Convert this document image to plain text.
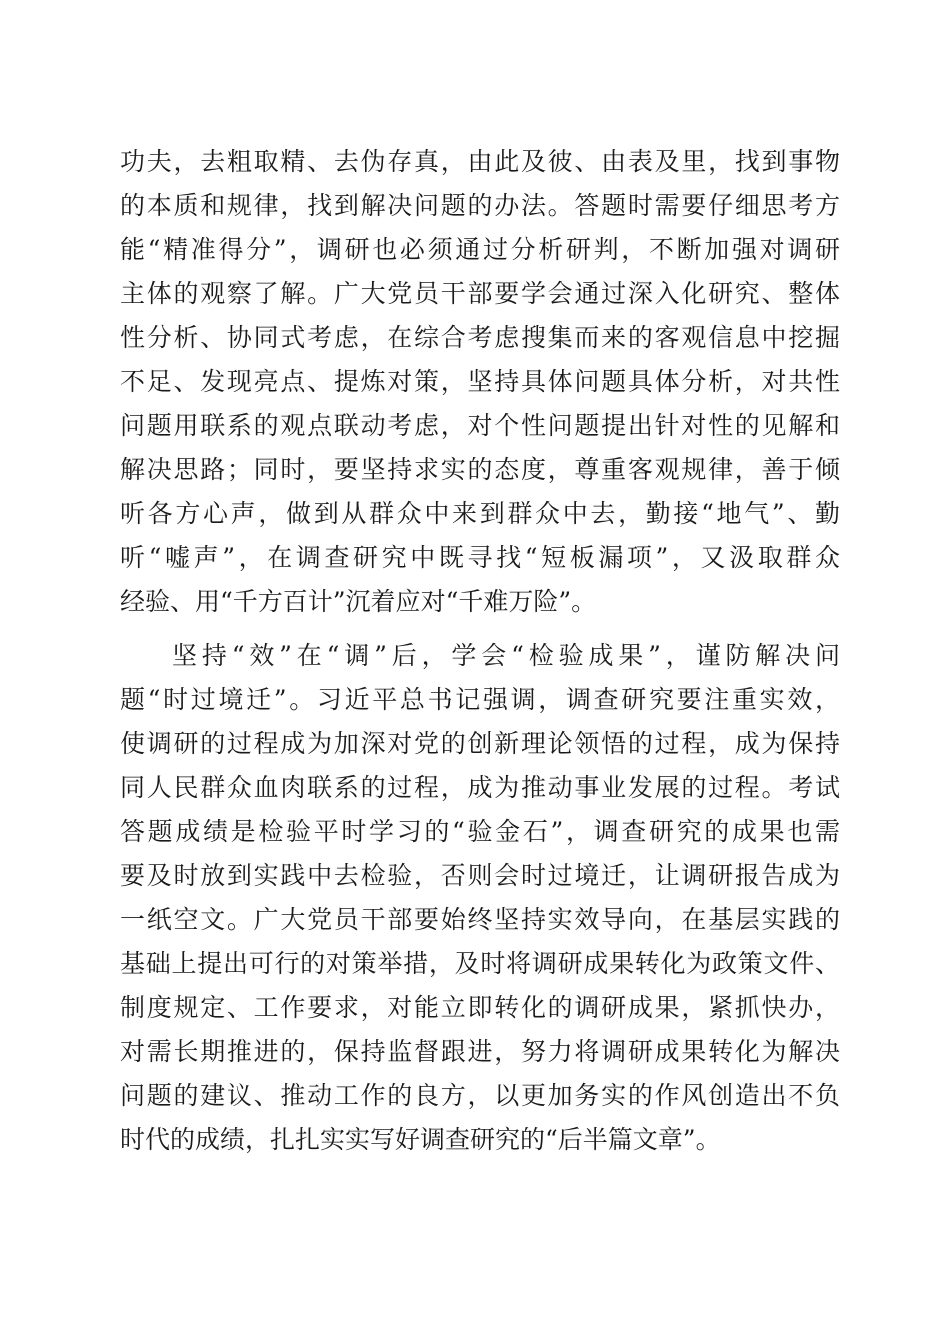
功夫，去粗取精、去伪存真，由此及彼、由表及里，找到事物
的本质和规律，找到解决问题的办法。答题时需要仔细思考方
能“精准得分”，调研也必须通过分析研判，不断加强对调研
主体的观察了解。广大党员干部要学会通过深入化研究、整体
性分析、协同式考虑，在综合考虑搜集而来的客观信息中挖掘
不足、发现亮点、提炼对策，坚持具体问题具体分析，对共性
问题用联系的观点联动考虑，对个性问题提出针对性的见解和
解决思路；同时，要坚持求实的态度，尊重客观规律，善于倾
听各方心声，做到从群众中来到群众中去，勤接“地气”、勤
听“嘘声”，在调查研究中既寻找“短板漏项”，又汲取群众
经验、用“千方百计”沉着应对“千难万险”。
坚持“效”在“调”后，学会“检验成果”，谨防解决问
题“时过境迁”。习近平总书记强调，调查研究要注重实效，
使调研的过程成为加深对党的创新理论领悟的过程，成为保持
同人民群众血肉联系的过程，成为推动事业发展的过程。考试
答题成绩是检验平时学习的“验金石”，调查研究的成果也需
要及时放到实践中去检验，否则会时过境迁，让调研报告成为
一纸空文。广大党员干部要始终坚持实效导向，在基层实践的
基础上提出可行的对策举措，及时将调研成果转化为政策文件、
制度规定、工作要求，对能立即转化的调研成果，紧抓快办，
对需长期推进的，保持监督跟进，努力将调研成果转化为解决
问题的建议、推动工作的良方，以更加务实的作风创造出不负
时代的成绩，扎扎实实写好调查研究的“后半篇文章”。
